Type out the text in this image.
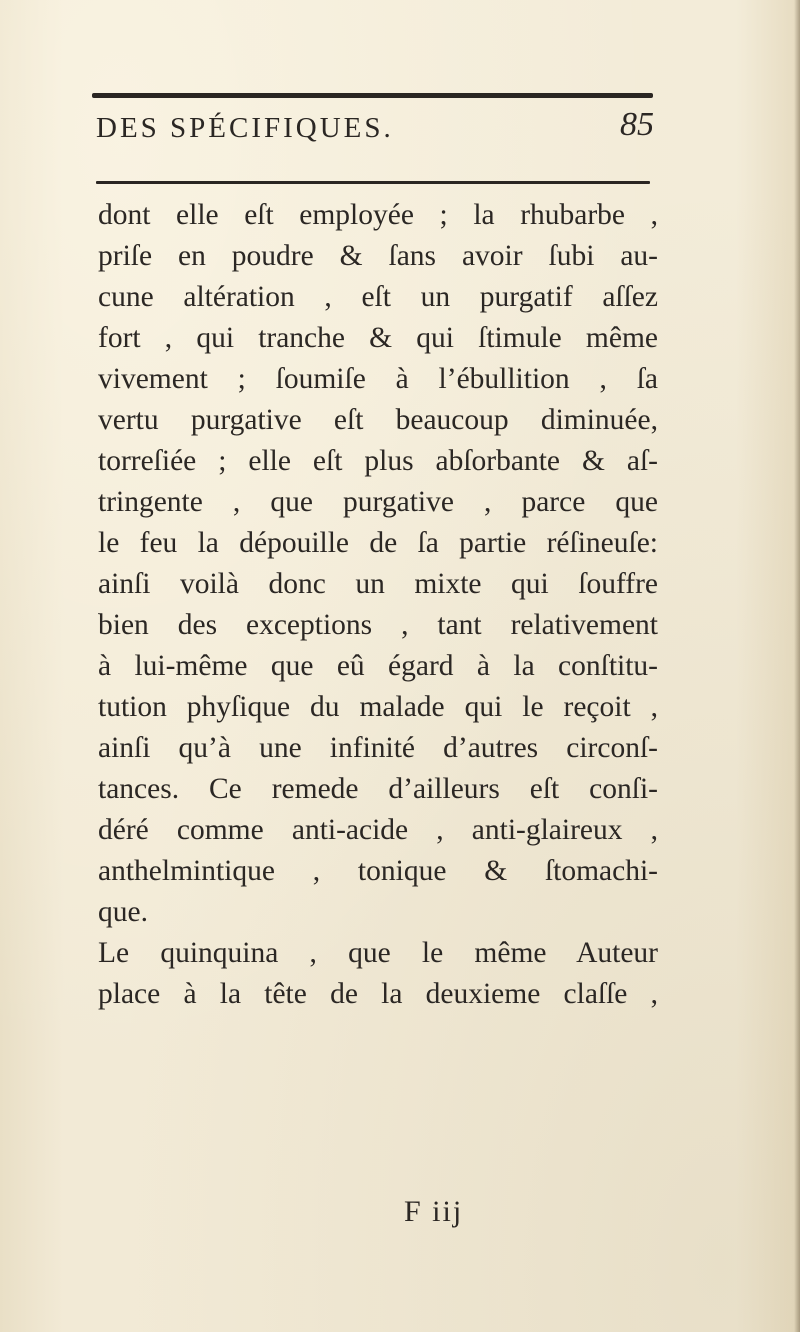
DES SPÉCIFIQUES.	85
dont elle eſt employée ; la rhubarbe ,
priſe en poudre & ſans avoir ſubi au-
cune altération , eſt un purgatif aſſez
fort , qui tranche & qui ſtimule même
vivement ; ſoumiſe à l’ébullition , ſa
vertu purgative eſt beaucoup diminuée,
torreſiée ; elle eſt plus abſorbante & aſ-
tringente , que purgative , parce que
le feu la dépouille de ſa partie réſineuſe:
ainſi voilà donc un mixte qui ſouffre
bien des exceptions , tant relativement
à lui-même que eû égard à la conſtitu-
tution phyſique du malade qui le reçoit ,
ainſi qu’à une infinité d’autres circonſ-
tances. Ce remede d’ailleurs eſt conſi-
déré comme anti-acide , anti-glaireux ,
anthelmintique , tonique & ſtomachi-
que.
Le quinquina , que le même Auteur
place à la tête de la deuxieme claſſe ,
F iij
